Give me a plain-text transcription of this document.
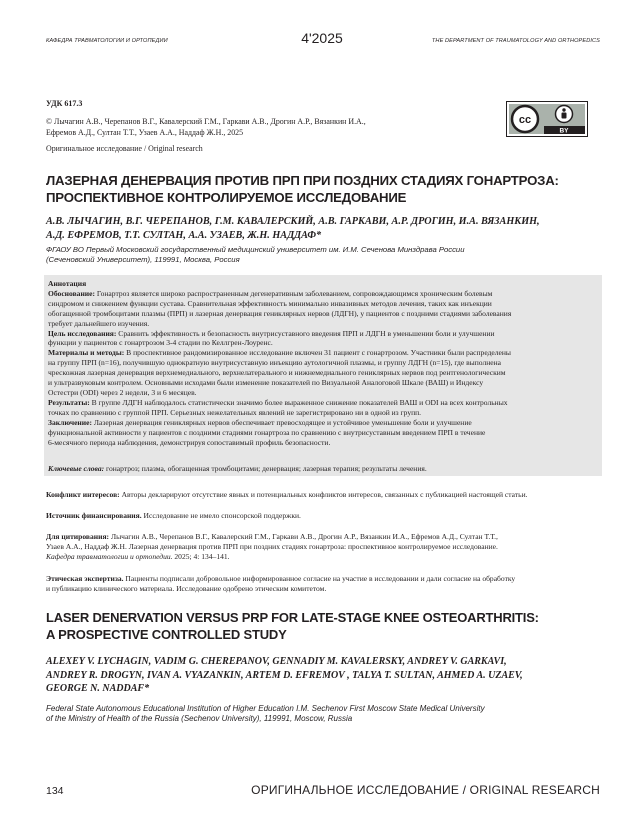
КАФЕДРА ТРАВМАТОЛОГИИ И ОРТОПЕДИИ	4'2025	THE DEPARTMENT OF TRAUMATOLOGY AND ORTHOPEDICS
УДК 617.3
© Лычагин А.В., Черепанов В.Г., Кавалерский Г.М., Гаркави А.В., Дрогин А.Р., Вязанкин И.А.,
Ефремов А.Д., Султан Т.Т., Узаев А.А., Наддаф Ж.Н., 2025
Оригинальное исследование / Original research
cc
BY
ЛАЗЕРНАЯ ДЕНЕРВАЦИЯ ПРОТИВ ПРП ПРИ ПОЗДНИХ СТАДИЯХ ГОНАРТРОЗА:
ПРОСПЕКТИВНОЕ КОНТРОЛИРУЕМОЕ ИССЛЕДОВАНИЕ
А.В. ЛЫЧАГИН, В.Г. ЧЕРЕПАНОВ, Г.М. КАВАЛЕРСКИЙ, А.В. ГАРКАВИ, А.Р. ДРОГИН, И.А. ВЯЗАНКИН,
А.Д. ЕФРЕМОВ, Т.Т. СУЛТАН, А.А. УЗАЕВ, Ж.Н. НАДДАФ*
ФГАОУ ВО Первый Московский государственный медицинский университет им. И.М. Сеченова Минздрава России
(Сеченовский Университет), 119991, Москва, Россия
Аннотация
Обоснование: Гонартроз является широко распространенным дегенеративным заболеванием, сопровождающимся хроническим болевым
синдромом и снижением функции сустава. Сравнительная эффективность минимально инвазивных методов лечения, таких как инъекции
обогащенной тромбоцитами плазмы (ПРП) и лазерная денервация гениклярных нервов (ЛДГН), у пациентов с поздними стадиями заболевания
требует дальнейшего изучения.
Цель исследования: Сравнить эффективность и безопасность внутрисуставного введения ПРП и ЛДГН в уменьшении боли и улучшении
функции у пациентов с гонартрозом 3-4 стадии по Келлгрен-Лоуренс.
Материалы и методы: В проспективное рандомизированное исследование включен 31 пациент с гонартрозом. Участники были распределены
на группу ПРП (n=16), получившую однократную внутрисуставную инъекцию аутологичной плазмы, и группу ЛДГН (n=15), где выполнена
чрескожная лазерная денервация верхнемедиального, верхнелатерального и нижнемедиального гениклярных нервов под рентгенологическим
и ультразвуковым контролем. Основными исходами были изменение показателей по Визуальной Аналоговой Шкале (ВАШ) и Индексу
Остестри (ODI) через 2 недели, 3 и 6 месяцев.
Результаты: В группе ЛДГН наблюдалось статистически значимо более выраженное снижение показателей ВАШ и ODI на всех контрольных
точках по сравнению с группой ПРП. Серьезных нежелательных явлений не зарегистрировано ни в одной из групп.
Заключение: Лазерная денервация гениклярных нервов обеспечивает превосходящее и устойчивое уменьшение боли и улучшение
функциональной активности у пациентов с поздними стадиями гонартроза по сравнению с внутрисуставным введением ПРП в течение
6-месячного периода наблюдения, демонстрируя сопоставимый профиль безопасности.
Ключевые слова: гонартроз; плазма, обогащенная тромбоцитами; денервация; лазерная терапия; результаты лечения.
Конфликт интересов: Авторы декларируют отсутствие явных и потенциальных конфликтов интересов, связанных с публикацией настоящей статьи.
Источник финансирования. Исследование не имело спонсорской поддержки.
Для цитирования: Лычагин А.В., Черепанов В.Г., Кавалерский Г.М., Гаркави А.В., Дрогин А.Р., Вязанкин И.А., Ефремов А.Д., Султан Т.Т.,
Узаев А.А., Наддаф Ж.Н. Лазерная денервация против ПРП при поздних стадиях гонартроза: проспективное контролируемое исследование.
Кафедра травматологии и ортопедии. 2025; 4: 134–141.
Этическая экспертиза. Пациенты подписали добровольное информированное согласие на участие в исследовании и дали согласие на обработку
и публикацию клинического материала. Исследование одобрено этическим комитетом.
LASER DENERVATION VERSUS PRP FOR LATE-STAGE KNEE OSTEOARTHRITIS:
A PROSPECTIVE CONTROLLED STUDY
ALEXEY V. LYCHAGIN, VADIM G. CHEREPANOV, GENNADIY M. KAVALERSKY, ANDREY V. GARKAVI,
ANDREY R. DROGYN, IVAN A. VYAZANKIN, ARTEM D. EFREMOV , TALYA T. SULTAN, AHMED A. UZAEV,
GEORGE N. NADDAF*
Federal State Autonomous Educational Institution of Higher Education I.M. Sechenov First Moscow State Medical University
of the Ministry of Health of the Russia (Sechenov University), 119991, Moscow, Russia
134	ОРИГИНАЛЬНОЕ ИССЛЕДОВАНИЕ / ORIGINAL RESEARCH
